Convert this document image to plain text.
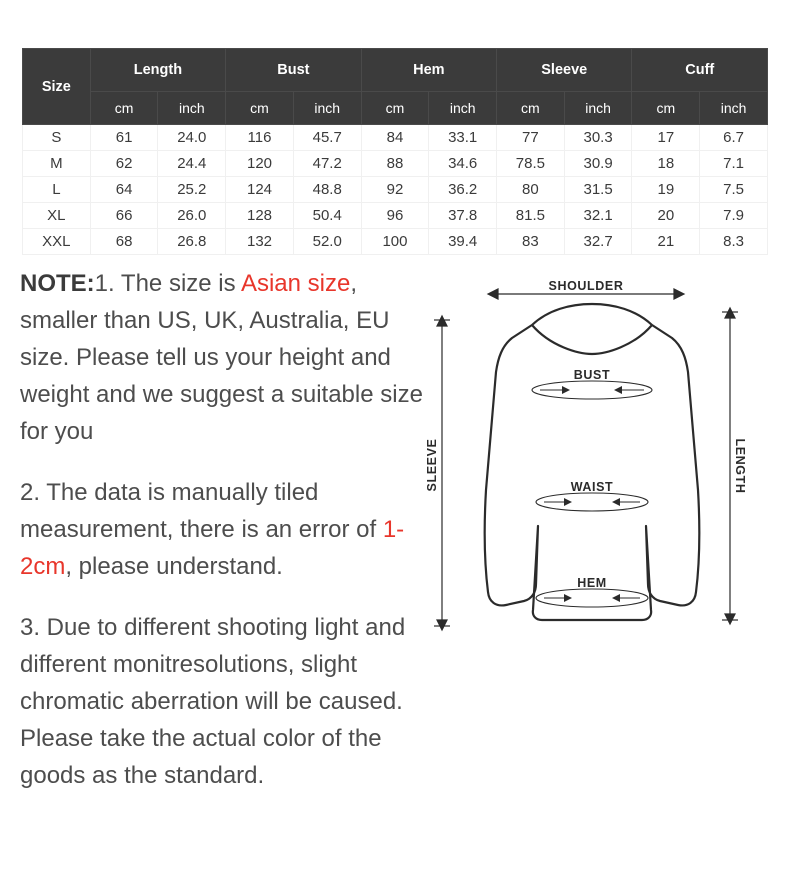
Size	Length		Bust		Hem		Sleeve		Cuff	
	cm	inch	cm	inch	cm	inch	cm	inch	cm	inch
S	61	24.0	116	45.7	84	33.1	77	30.3	17	6.7
M	62	24.4	120	47.2	88	34.6	78.5	30.9	18	7.1
L	64	25.2	124	48.8	92	36.2	80	31.5	19	7.5
XL	66	26.0	128	50.4	96	37.8	81.5	32.1	20	7.9
XXL	68	26.8	132	52.0	100	39.4	83	32.7	21	8.3

NOTE:1. The size is Asian size, smaller than US, UK, Australia, EU size. Please tell us your height and weight and we suggest a suitable size for you

2. The data is manually tiled measurement, there is an error of 1-2cm, please understand.

3. Due to different shooting light and different monitresolutions, slight chromatic aberration will be caused. Please take the actual color of the goods as the standard.

SHOULDER
SLEEVE	LENGTH
BUST
WAIST
HEM
